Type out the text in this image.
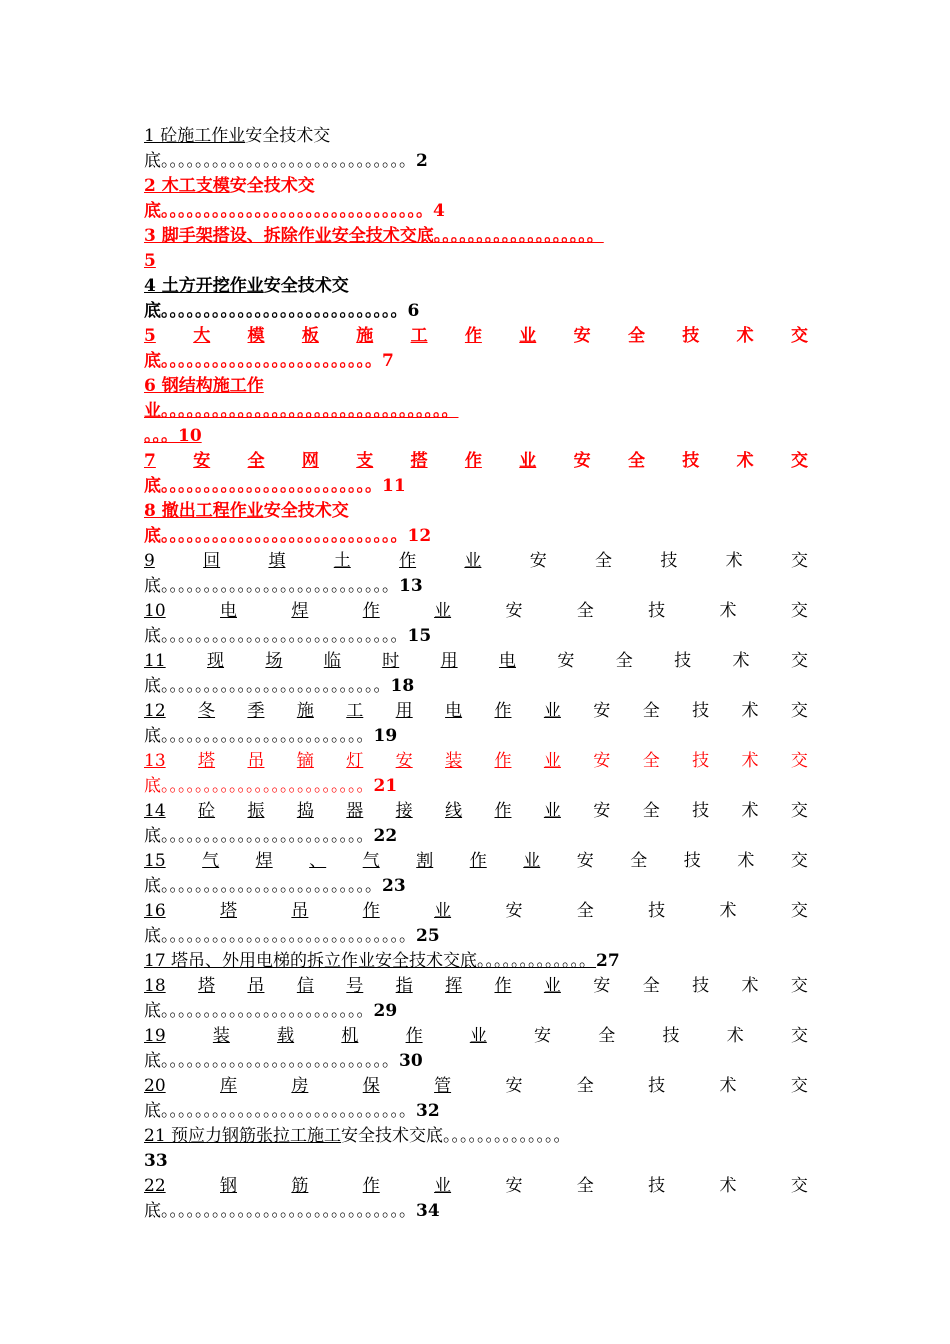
1 砼施工作业安全技术交
底。。。。。。。。。。。。。。。。。。。。。。。。。。。。。2
2 木工支模安全技术交
底。。。。。。。。。。。。。。。。。。。。。。。。。。。。。。。4
3 脚手架搭设、拆除作业安全技术交底。。。。。。。。。。。。。。。。。。。
5
4 土方开挖作业安全技术交
底。。。。。。。。。。。。。。。。。。。。。。。。。。。。6
5 大 模 板 施 工 作 业 安 全 技 术 交
底。。。。。。。。。。。。。。。。。。。。。。。。。7
6 钢结构施工作
业。。。。。。。。。。。。。。。。。。。。。。。。。。。。。。。。。。
。。。10
7 安 全 网 支 搭 作 业 安 全 技 术 交
底。。。。。。。。。。。。。。。。。。。。。。。。。11
8 撤出工程作业安全技术交
底。。。。。。。。。。。。。。。。。。。。。。。。。。。。12
9	回	填	土	作	业	安	全	技	术	交
底。。。。。。。。。。。。。。。。。。。。。。。。。。。13
10	电	焊	作	业	安	全	技	术	交
底。。。。。。。。。。。。。。。。。。。。。。。。。。。。15
11 现 场 临 时 用 电 安 全 技 术 交
底。。。。。。。。。。。。。。。。。。。。。。。。。。18
12 冬 季 施 工 用 电 作 业 安 全 技 术 交
底。。。。。。。。。。。。。。。。。。。。。。。。19
13 塔 吊 镝 灯 安 装 作 业 安 全 技 术 交
底。。。。。。。。。。。。。。。。。。。。。。。。21
14 砼 振 捣 器 接 线 作 业 安 全 技 术 交
底。。。。。。。。。。。。。。。。。。。。。。。。22
15 气 焊 、 气 割 作 业 安 全 技 术 交
底。。。。。。。。。。。。。。。。。。。。。。。。。23
16	塔	吊	作	业	安	全	技	术	交
底。。。。。。。。。。。。。。。。。。。。。。。。。。。。。25
17 塔吊、外用电梯的拆立作业安全技术交底。。。。。。。。。。。。。27
18 塔 吊 信 号 指 挥 作 业 安 全 技 术 交
底。。。。。。。。。。。。。。。。。。。。。。。。29
19	装	载	机	作	业	安	全	技	术	交
底。。。。。。。。。。。。。。。。。。。。。。。。。。。30
20	库	房	保	管	安	全	技	术	交
底。。。。。。。。。。。。。。。。。。。。。。。。。。。。。32
21 预应力钢筋张拉工施工安全技术交底。。。。。。。。。。。。。。
33
22	钢	筋	作	业	安	全	技	术	交
底。。。。。。。。。。。。。。。。。。。。。。。。。。。。。34
